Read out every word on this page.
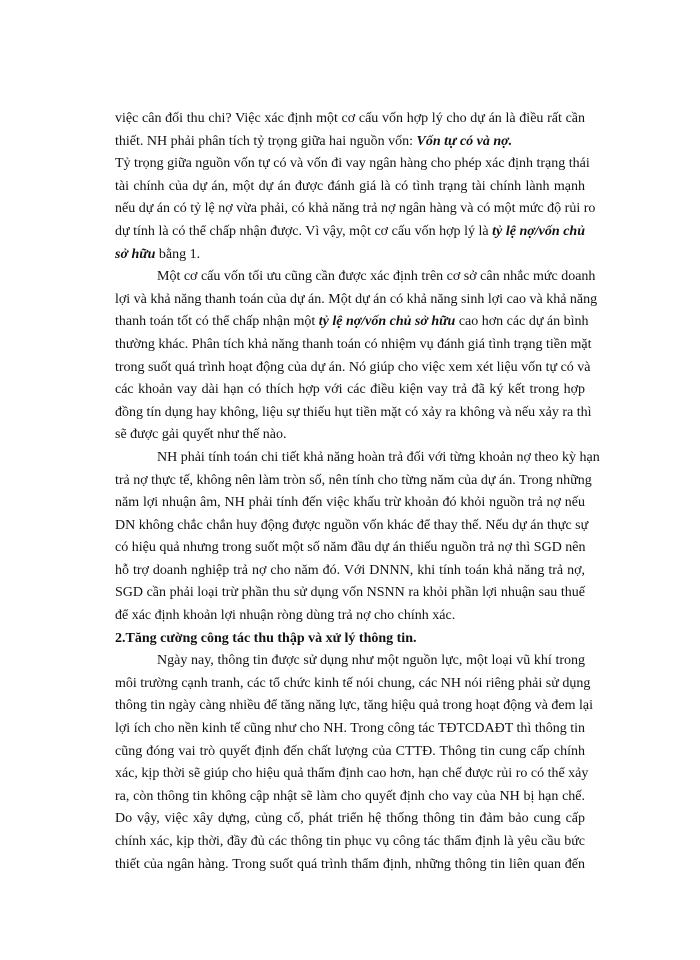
việc cân đối thu chi? Việc xác định một cơ cấu vốn hợp lý cho dự án là điều rất cần
thiết. NH phải phân tích tỷ trọng giữa hai nguồn vốn: Vốn tự có và nợ.
Tỷ trọng giữa nguồn vốn tự có và vốn đi vay ngân hàng cho phép xác định trạng thái
tài chính của dự án, một dự án được đánh giá là có tình trạng tài chính lành mạnh
nếu dự án có tỷ lệ nợ vừa phải, có khả năng trả nợ ngân hàng và có một mức độ rủi ro
dự tính là có thể chấp nhận được. Vì vậy, một cơ cấu vốn hợp lý là tỷ lệ nợ/vốn chủ
sở hữu bằng 1.
Một cơ cấu vốn tối ưu cũng cần được xác định trên cơ sở cân nhắc mức doanh
lợi và khả năng thanh toán của dự án. Một dự án có khả năng sinh lợi cao và khả năng
thanh toán tốt có thể chấp nhận một tỷ lệ nợ/vốn chủ sở hữu cao hơn các dự án bình
thường khác. Phân tích khả năng thanh toán có nhiệm vụ đánh giá tình trạng tiền mặt
trong suốt quá trình hoạt động của dự án. Nó giúp cho việc xem xét liệu vốn tự có và
các khoản vay dài hạn có thích hợp với các điều kiện vay trả đã ký kết trong hợp
đồng tín dụng hay không, liệu sự thiếu hụt tiền mặt có xảy ra không và nếu xảy ra thì
sẽ được gải quyết như thế nào.
NH phải tính toán chi tiết khả năng hoàn trả đối với từng khoản nợ theo kỳ hạn
trả nợ thực tế, không nên làm tròn số, nên tính cho từng năm của dự án. Trong những
năm lợi nhuận âm, NH phải tính đến việc khấu trừ khoản đó khỏi nguồn trả nợ nếu
DN không chắc chắn huy động được nguồn vốn khác để thay thế. Nếu dự án thực sự
có hiệu quả nhưng trong suốt một số năm đầu dự án thiếu nguồn trả nợ thì SGD nên
hỗ trợ doanh nghiệp trả nợ cho năm đó. Với DNNN, khi tính toán khả năng trả nợ,
SGD cần phải loại trừ phần thu sử dụng vốn NSNN ra khỏi phần lợi nhuận sau thuế
để xác định khoản lợi nhuận ròng dùng trả nợ cho chính xác.
2.Tăng cường công tác thu thập và xử lý thông tin.
Ngày nay, thông tin được sử dụng như một nguồn lực, một loại vũ khí trong
môi trường cạnh tranh, các tổ chức kinh tế nói chung, các NH nói riêng phải sử dụng
thông tin ngày càng nhiều để tăng năng lực, tăng hiệu quả trong hoạt động và đem lại
lợi ích cho nền kinh tế cũng như cho NH. Trong công tác TĐTCDAĐT thì thông tin
cũng đóng vai trò quyết định đến chất lượng của CTTĐ. Thông tin cung cấp chính
xác, kịp thời sẽ giúp cho hiệu quả thẩm định cao hơn, hạn chế được rủi ro có thể xảy
ra, còn thông tin không cập nhật sẽ làm cho quyết định cho vay của NH bị hạn chế.
Do vậy, việc xây dựng, củng cố, phát triển hệ thống thông tin đảm bảo cung cấp
chính xác, kịp thời, đầy đủ các thông tin phục vụ công tác thẩm định là yêu cầu bức
thiết của ngân hàng. Trong suốt quá trình thẩm định, những thông tin liên quan đến
